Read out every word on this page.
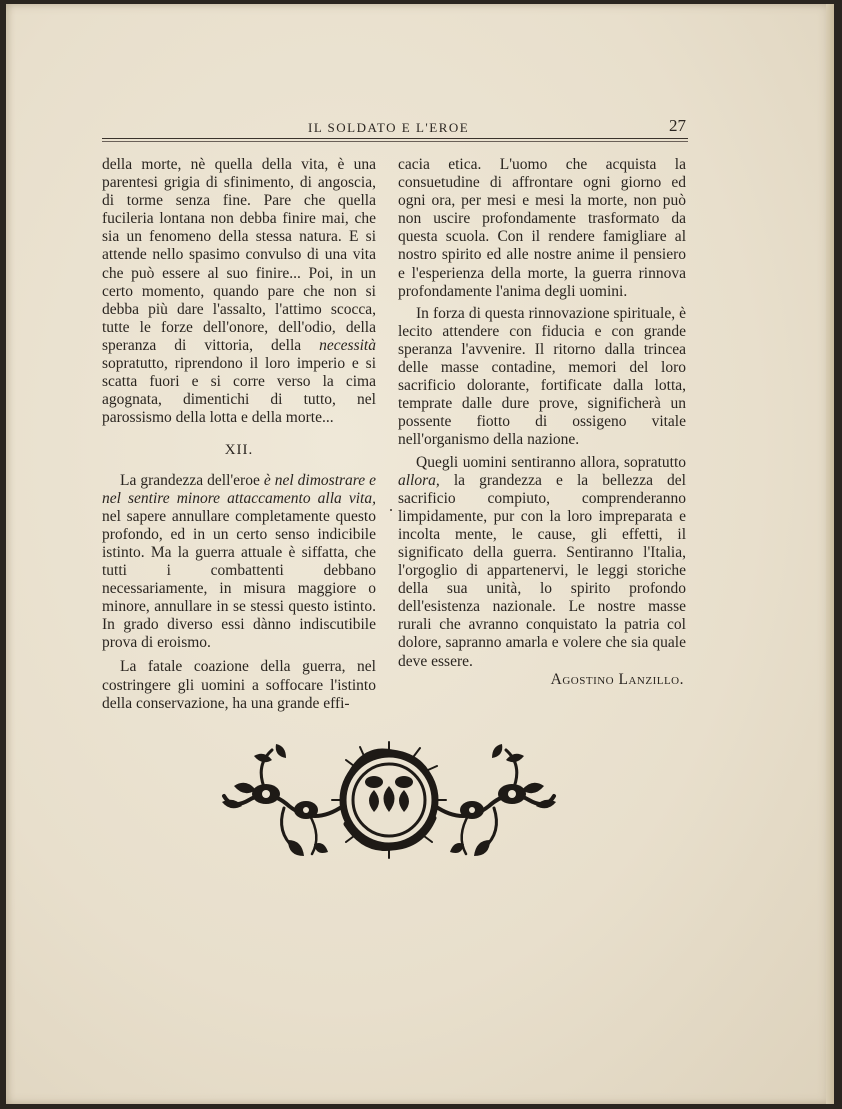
IL SOLDATO E L'EROE	27

della morte, nè quella della vita, è una parentesi grigia di sfinimento, di angoscia, di torme senza fine. Pare che quella fucileria lontana non debba finire mai, che sia un fenomeno della stessa natura. E si attende nello spasimo convulso di una vita che può essere al suo finire... Poi, in un certo momento, quando pare che non si debba più dare l'assalto, l'attimo scocca, tutte le forze dell'onore, dell'odio, della speranza di vittoria, della necessità sopratutto, riprendono il loro imperio e si scatta fuori e si corre verso la cima agognata, dimentichi di tutto, nel parossismo della lotta e della morte...

XII.

La grandezza dell'eroe è nel dimostrare e nel sentire minore attaccamento alla vita, nel sapere annullare completamente questo profondo, ed in un certo senso indicibile istinto. Ma la guerra attuale è siffatta, che tutti i combattenti debbano necessariamente, in misura maggiore o minore, annullare in se stessi questo istinto. In grado diverso essi dànno indiscutibile prova di eroismo.

La fatale coazione della guerra, nel costringere gli uomini a soffocare l'istinto della conservazione, ha una grande effi-

cacia etica. L'uomo che acquista la consuetudine di affrontare ogni giorno ed ogni ora, per mesi e mesi la morte, non può non uscire profondamente trasformato da questa scuola. Con il rendere famigliare al nostro spirito ed alle nostre anime il pensiero e l'esperienza della morte, la guerra rinnova profondamente l'anima degli uomini.

In forza di questa rinnovazione spirituale, è lecito attendere con fiducia e con grande speranza l'avvenire. Il ritorno dalla trincea delle masse contadine, memori del loro sacrificio dolorante, fortificate dalla lotta, temprate dalle dure prove, significherà un possente fiotto di ossigeno vitale nell'organismo della nazione.

Quegli uomini sentiranno allora, sopratutto allora, la grandezza e la bellezza del sacrificio compiuto, comprenderanno limpidamente, pur con la loro impreparata e incolta mente, le cause, gli effetti, il significato della guerra. Sentiranno l'Italia, l'orgoglio di appartenervi, le leggi storiche della sua unità, lo spirito profondo dell'esistenza nazionale. Le nostre masse rurali che avranno conquistato la patria col dolore, sapranno amarla e volere che sia quale deve essere.

Agostino Lanzillo.
